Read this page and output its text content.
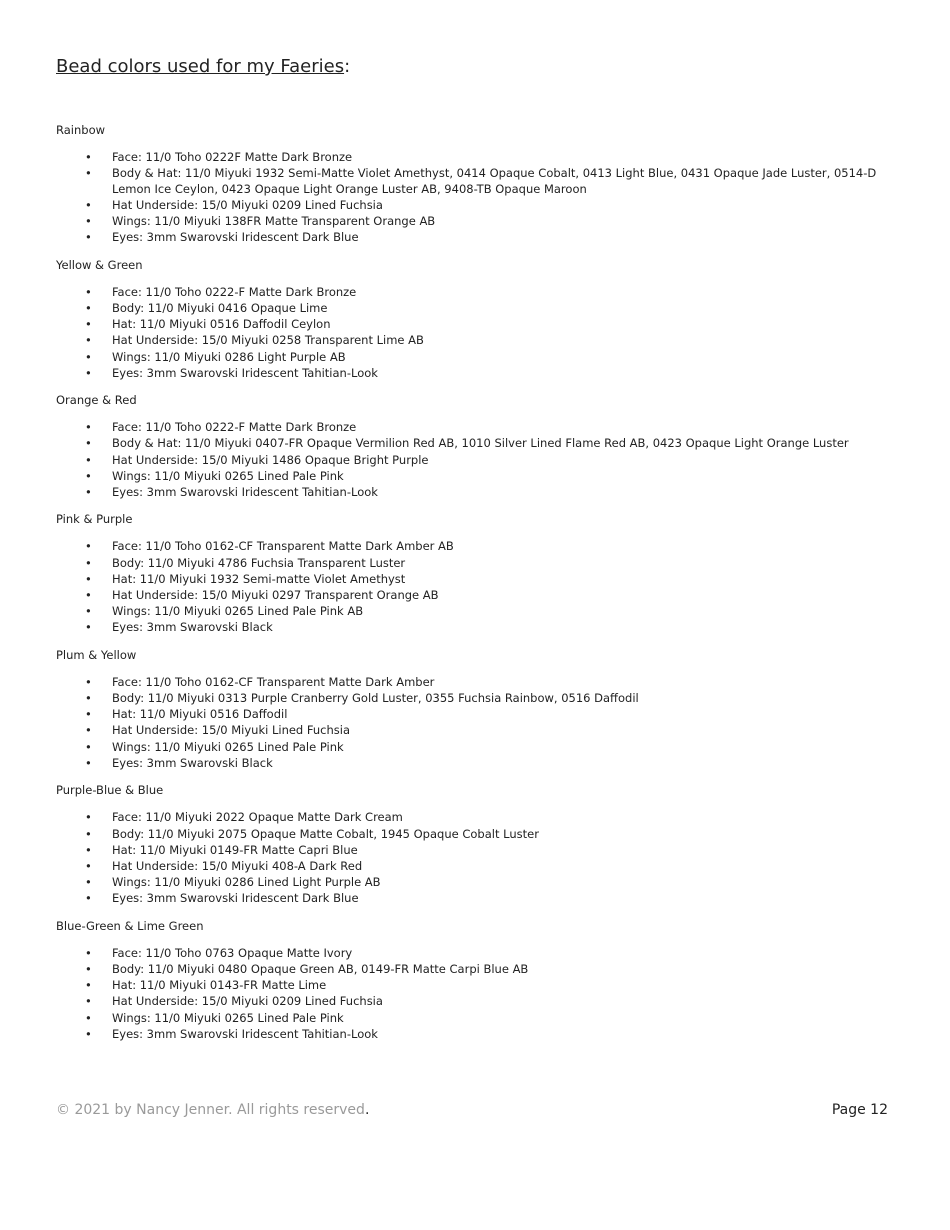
Bead colors used for my Faeries:

Rainbow

• Face: 11/0 Toho 0222F Matte Dark Bronze
• Body & Hat: 11/0 Miyuki 1932 Semi-Matte Violet Amethyst, 0414 Opaque Cobalt, 0413 Light Blue, 0431 Opaque Jade Luster, 0514-D Lemon Ice Ceylon, 0423 Opaque Light Orange Luster AB, 9408-TB Opaque Maroon
• Hat Underside: 15/0 Miyuki 0209 Lined Fuchsia
• Wings: 11/0 Miyuki 138FR Matte Transparent Orange AB
• Eyes: 3mm Swarovski Iridescent Dark Blue

Yellow & Green

• Face: 11/0 Toho 0222-F Matte Dark Bronze
• Body: 11/0 Miyuki 0416 Opaque Lime
• Hat: 11/0 Miyuki 0516 Daffodil Ceylon
• Hat Underside: 15/0 Miyuki 0258 Transparent Lime AB
• Wings: 11/0 Miyuki 0286 Light Purple AB
• Eyes: 3mm Swarovski Iridescent Tahitian-Look

Orange & Red

• Face: 11/0 Toho 0222-F Matte Dark Bronze
• Body & Hat: 11/0 Miyuki 0407-FR Opaque Vermilion Red AB, 1010 Silver Lined Flame Red AB, 0423 Opaque Light Orange Luster
• Hat Underside: 15/0 Miyuki 1486 Opaque Bright Purple
• Wings: 11/0 Miyuki 0265 Lined Pale Pink
• Eyes: 3mm Swarovski Iridescent Tahitian-Look

Pink & Purple

• Face: 11/0 Toho 0162-CF Transparent Matte Dark Amber AB
• Body: 11/0 Miyuki 4786 Fuchsia Transparent Luster
• Hat: 11/0 Miyuki 1932 Semi-matte Violet Amethyst
• Hat Underside: 15/0 Miyuki 0297 Transparent Orange AB
• Wings: 11/0 Miyuki 0265 Lined Pale Pink AB
• Eyes: 3mm Swarovski Black

Plum & Yellow

• Face: 11/0 Toho 0162-CF Transparent Matte Dark Amber
• Body: 11/0 Miyuki 0313 Purple Cranberry Gold Luster, 0355 Fuchsia Rainbow, 0516 Daffodil
• Hat: 11/0 Miyuki 0516 Daffodil
• Hat Underside: 15/0 Miyuki Lined Fuchsia
• Wings: 11/0 Miyuki 0265 Lined Pale Pink
• Eyes: 3mm Swarovski Black

Purple-Blue & Blue

• Face: 11/0 Miyuki 2022 Opaque Matte Dark Cream
• Body: 11/0 Miyuki 2075 Opaque Matte Cobalt, 1945 Opaque Cobalt Luster
• Hat: 11/0 Miyuki 0149-FR Matte Capri Blue
• Hat Underside: 15/0 Miyuki 408-A Dark Red
• Wings: 11/0 Miyuki 0286 Lined Light Purple AB
• Eyes: 3mm Swarovski Iridescent Dark Blue

Blue-Green & Lime Green

• Face: 11/0 Toho 0763 Opaque Matte Ivory
• Body: 11/0 Miyuki 0480 Opaque Green AB, 0149-FR Matte Carpi Blue AB
• Hat: 11/0 Miyuki 0143-FR Matte Lime
• Hat Underside: 15/0 Miyuki 0209 Lined Fuchsia
• Wings: 11/0 Miyuki 0265 Lined Pale Pink
• Eyes: 3mm Swarovski Iridescent Tahitian-Look
© 2021 by Nancy Jenner. All rights reserved.	Page 12
